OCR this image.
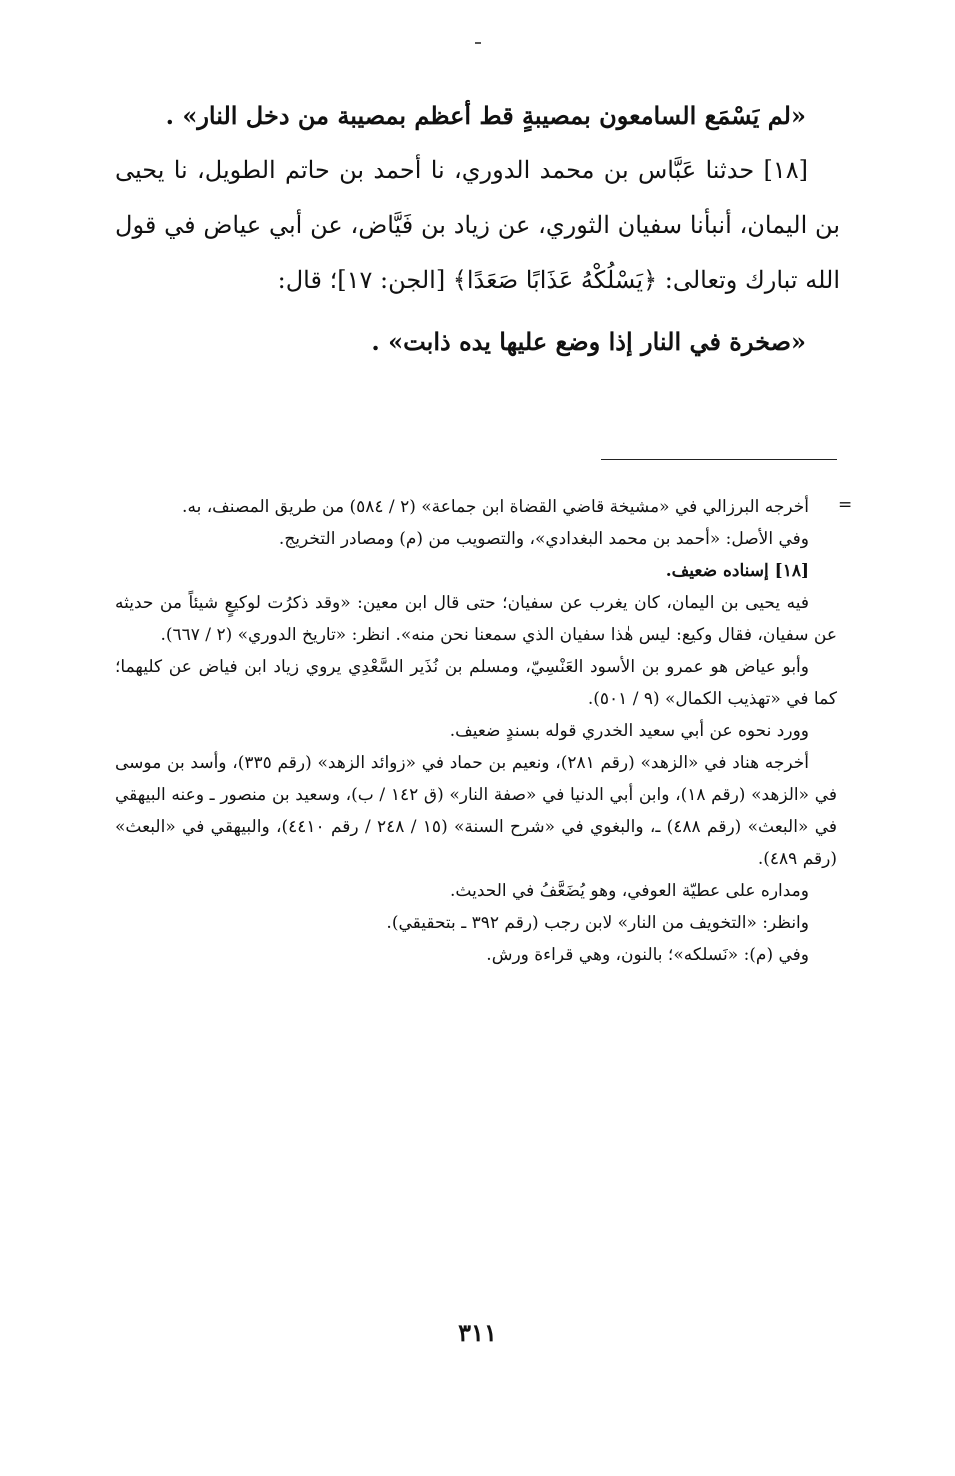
«لم يَسْمَع السامعون بمصيبةٍ قط أعظم بمصيبة من دخل النار» .

[١٨] حدثنا عَبَّاس بن محمد الدوري، نا أحمد بن حاتم الطويل، نا يحيى بن اليمان، أنبأنا سفيان الثوري، عن زياد بن فَيَّاض، عن أبي عياض في قول الله تبارك وتعالى: ﴿يَسْلُكْهُ عَذَابًا صَعَدًا﴾ [الجن: ١٧]؛ قال:

«صخرة في النار إذا وضع عليها يده ذابت» .

=

أخرجه البرزالي في «مشيخة قاضي القضاة ابن جماعة» (٢ / ٥٨٤) من طريق المصنف، به.

وفي الأصل: «أحمد بن محمد البغدادي»، والتصويب من (م) ومصادر التخريج.

[١٨] إسناده ضعيف.

فيه يحيى بن اليمان، كان يغرب عن سفيان؛ حتى قال ابن معين: «وقد ذكرُت لوكيعٍ شيئاً من حديثه عن سفيان، فقال وكيع: ليس هٰذا سفيان الذي سمعنا نحن منه». انظر: «تاريخ الدوري» (٢ / ٦٦٧).

وأبو عياض هو عمرو بن الأسود العَنْسِيّ، ومسلم بن نُذَير السَّعْدِي يروي زياد ابن فياض عن كليهما؛ كما في «تهذيب الكمال» (٩ / ٥٠١).

وورد نحوه عن أبي سعيد الخدري قوله بسندٍ ضعيف.

أخرجه هناد في «الزهد» (رقم ٢٨١)، ونعيم بن حماد في «زوائد الزهد» (رقم ٣٣٥)، وأسد بن موسى في «الزهد» (رقم ١٨)، وابن أبي الدنيا في «صفة النار» (ق ١٤٢ / ب)، وسعيد بن منصور ـ وعنه البيهقي في «البعث» (رقم ٤٨٨) ـ، والبغوي في «شرح السنة» (١٥ / ٢٤٨ / رقم ٤٤١٠)، والبيهقي في «البعث» (رقم ٤٨٩).

ومداره على عطيّة العوفي، وهو يُضَعَّفُ في الحديث.

وانظر: «التخويف من النار» لابن رجب (رقم ٣٩٢ ـ بتحقيقي).

وفي (م): «نَسلكه»؛ بالنون، وهي قراءة ورش.

٣١١
